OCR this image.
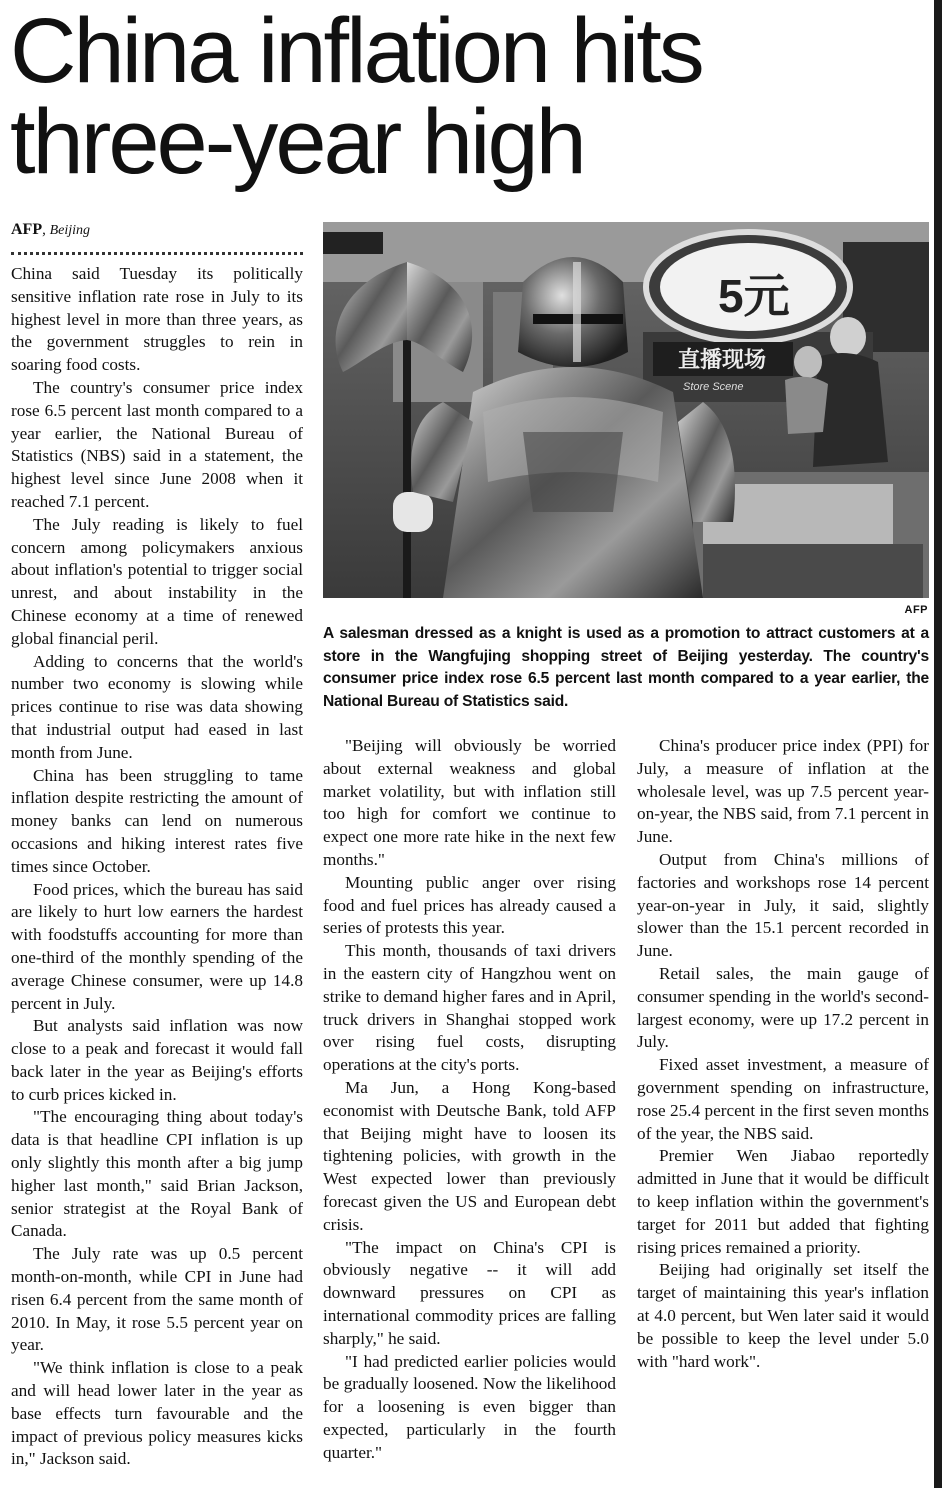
China inflation hits three-year high
AFP, Beijing

China said Tuesday its politically sensitive inflation rate rose in July to its highest level in more than three years, as the government struggles to rein in soaring food costs.

The country's consumer price index rose 6.5 percent last month compared to a year earlier, the National Bureau of Statistics (NBS) said in a statement, the highest level since June 2008 when it reached 7.1 percent.

The July reading is likely to fuel concern among policymakers anxious about inflation's potential to trigger social unrest, and about instability in the Chinese economy at a time of renewed global financial peril.

Adding to concerns that the world's number two economy is slowing while prices continue to rise was data showing that industrial output had eased in last month from June.

China has been struggling to tame inflation despite restricting the amount of money banks can lend on numerous occasions and hiking interest rates five times since October.

Food prices, which the bureau has said are likely to hurt low earners the hardest with foodstuffs accounting for more than one-third of the monthly spending of the average Chinese consumer, were up 14.8 percent in July.

But analysts said inflation was now close to a peak and forecast it would fall back later in the year as Beijing's efforts to curb prices kicked in.

"The encouraging thing about today's data is that headline CPI inflation is up only slightly this month after a big jump higher last month," said Brian Jackson, senior strategist at the Royal Bank of Canada.

The July rate was up 0.5 percent month-on-month, while CPI in June had risen 6.4 percent from the same month of 2010. In May, it rose 5.5 percent year on year.

"We think inflation is close to a peak and will head lower later in the year as base effects turn favourable and the impact of previous policy measures kicks in," Jackson said.

5元
直播现场
Store Scene
AFP

A salesman dressed as a knight is used as a promotion to attract customers at a store in the Wangfujing shopping street of Beijing yesterday. The country's consumer price index rose 6.5 percent last month compared to a year earlier, the National Bureau of Statistics said.

"Beijing will obviously be worried about external weakness and global market volatility, but with inflation still too high for comfort we continue to expect one more rate hike in the next few months."

Mounting public anger over rising food and fuel prices has already caused a series of protests this year.

This month, thousands of taxi drivers in the eastern city of Hangzhou went on strike to demand higher fares and in April, truck drivers in Shanghai stopped work over rising fuel costs, disrupting operations at the city's ports.

Ma Jun, a Hong Kong-based economist with Deutsche Bank, told AFP that Beijing might have to loosen its tightening policies, with growth in the West expected lower than previously forecast given the US and European debt crisis.

"The impact on China's CPI is obviously negative -- it will add downward pressures on CPI as international commodity prices are falling sharply," he said.

"I had predicted earlier policies would be gradually loosened. Now the likelihood for a loosening is even bigger than expected, particularly in the fourth quarter."

China's producer price index (PPI) for July, a measure of inflation at the wholesale level, was up 7.5 percent year-on-year, the NBS said, from 7.1 percent in June.

Output from China's millions of factories and workshops rose 14 percent year-on-year in July, it said, slightly slower than the 15.1 percent recorded in June.

Retail sales, the main gauge of consumer spending in the world's second-largest economy, were up 17.2 percent in July.

Fixed asset investment, a measure of government spending on infrastructure, rose 25.4 percent in the first seven months of the year, the NBS said.

Premier Wen Jiabao reportedly admitted in June that it would be difficult to keep inflation within the government's target for 2011 but added that fighting rising prices remained a priority.

Beijing had originally set itself the target of maintaining this year's inflation at 4.0 percent, but Wen later said it would be possible to keep the level under 5.0 with "hard work".
